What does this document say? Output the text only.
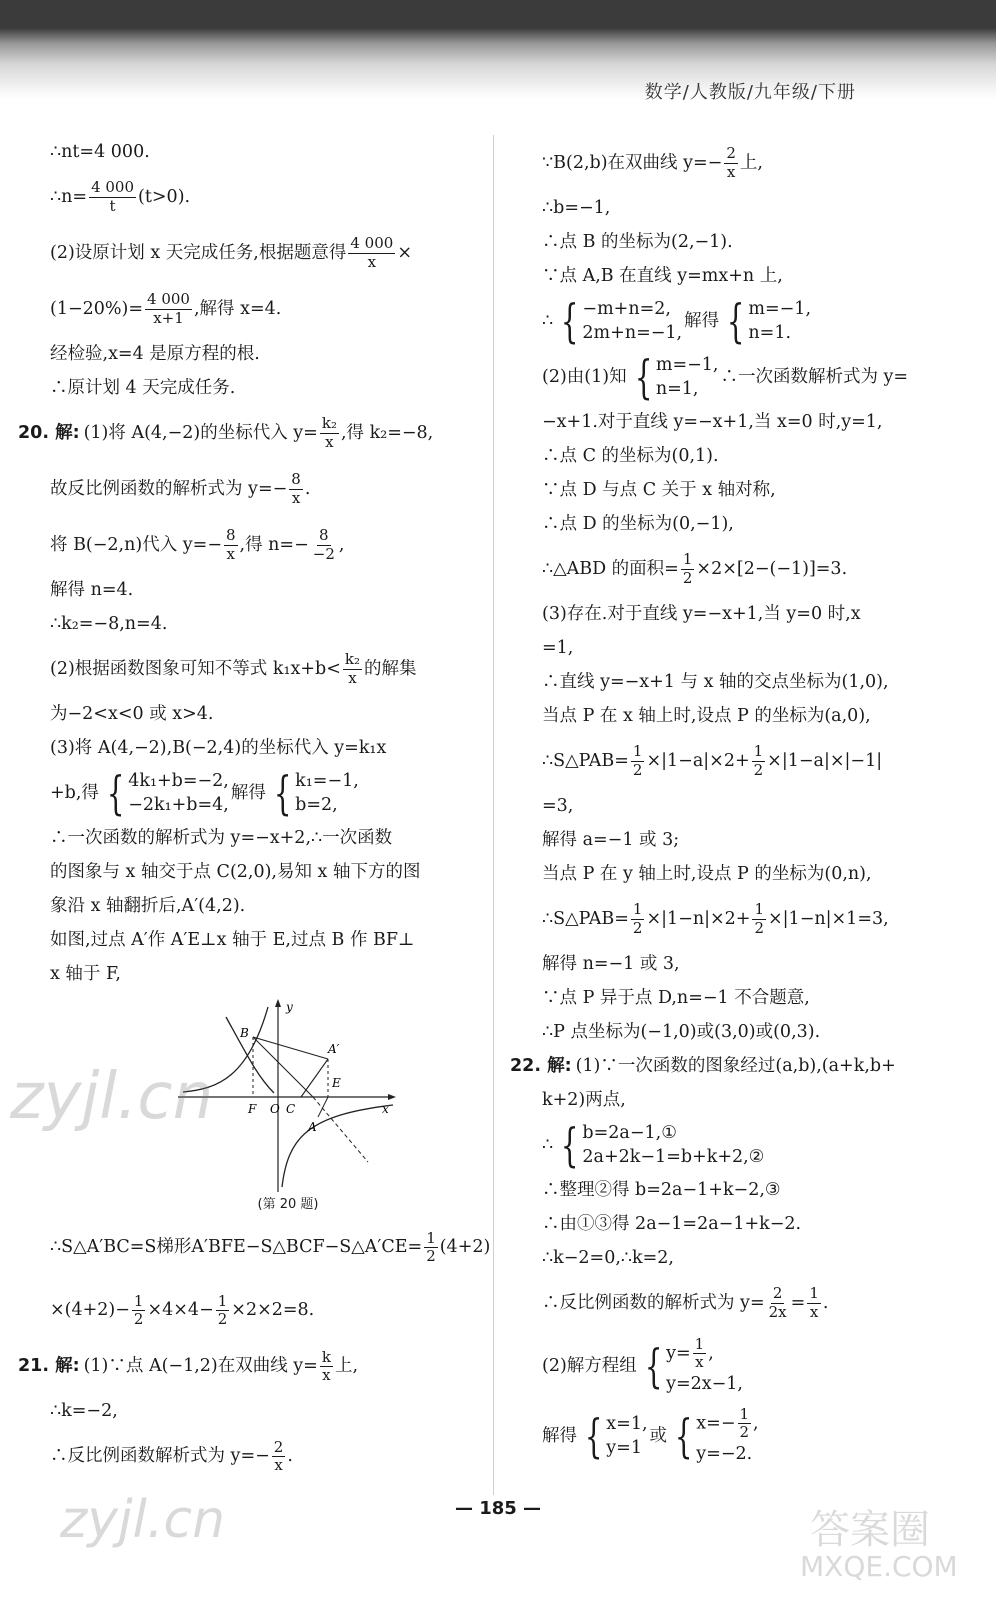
数学/人教版/九年级/下册
∴nt=4 000.
∴n= $\frac{4 000}{t} (t>0)$.
(2)设原计划 x 天完成任务,根据题意得 $\frac{4 000}{x}$ ×
$(1-20\%)= \frac{4 000}{x+1}$ ,解得 x=4.
经检验,x=4 是原方程的根.
∴原计划 4 天完成任务.
20. 解: (1)将 A(4,−2)的坐标代入 $y= \frac{\text{k₂}}{x}$ ,得 k₂=−8,
故反比例函数的解析式为 $y=- \frac{8}{x}$ .
将 B(−2,n)代入 $y=- \frac{8}{x}$ ,得 $n=- \frac{8}{-2}$ ,
解得 n=4.
∴k₂=−8,n=4.
(2)根据函数图象可知不等式 $k_1x+b< \frac{\text{k₂}}{x}$ 的解集
为−2<x<0 或 x>4.
(3)将 A(4,−2),B(−2,4)的坐标代入 y=k₁x
+b,得 { 4k₁+b=−2,
−2k₁+b=4,
解得 { k₁=−1,
b=2,
∴一次函数的解析式为 y=−x+2,∴一次函数
的图象与 x 轴交于点 C(2,0),易知 x 轴下方的图
象沿 x 轴翻折后,A′(4,2).
如图,过点 A′作 A′E⊥x 轴于 E,过点 B 作 BF⊥
x 轴于 F,
y
x
B
A′
E
F O C
A
(第 20 题)
∴S△A′BC=S梯形A′BFE−S△BCF−S△A′CE= $\frac{1}{2} (4+2)$
$\times(4+2)- \frac{1}{2} \times 4\times 4- \frac{1}{2} \times 2\times 2=8$.
21. 解: (1)∵点 A(−1,2)在双曲线 $y= \frac{k}{x}$ 上,
∴k=−2,
∴反比例函数解析式为 $y=- \frac{2}{x}$ .
∵B(2,b)在双曲线 $y=- \frac{2}{x}$ 上,
∴b=−1,
∴点 B 的坐标为(2,−1).
∵点 A,B 在直线 y=mx+n 上,
∴ { −m+n=2,
2m+n=−1,
解得 { m=−1,
n=1.
(2)由(1)知 { m=−1,
n=1,
∴一次函数解析式为 y=
−x+1.对于直线 y=−x+1,当 x=0 时,y=1,
∴点 C 的坐标为(0,1).
∵点 D 与点 C 关于 x 轴对称,
∴点 D 的坐标为(0,−1),
∴△ABD 的面积= $\frac{1}{2} \times 2\times[2-(-1)]=3$.
(3)存在.对于直线 y=−x+1,当 y=0 时,x
=1,
∴直线 y=−x+1 与 x 轴的交点坐标为(1,0),
当点 P 在 x 轴上时,设点 P 的坐标为(a,0),
∴S△PAB= $\frac{1}{2} \times|1-a|\times 2+ \frac{1}{2} \times|1-a|\times|-1|$
=3,
解得 a=−1 或 3;
当点 P 在 y 轴上时,设点 P 的坐标为(0,n),
∴S△PAB= $\frac{1}{2} \times|1-n|\times 2+ \frac{1}{2} \times|1-n|\times 1=3$,
解得 n=−1 或 3,
∵点 P 异于点 D,n=−1 不合题意,
∴P 点坐标为(−1,0)或(3,0)或(0,3).
22. 解: (1)∵一次函数的图象经过(a,b),(a+k,b+
k+2)两点,
∴ { b=2a−1,①
2a+2k−1=b+k+2,②
∴整理②得 b=2a−1+k−2,③
∴由①③得 2a−1=2a−1+k−2.
∴k−2=0,∴k=2,
∴反比例函数的解析式为 $y= \frac{2}{2x} = \frac{1}{x}$ .
(2)解方程组 { $y= \frac{1}{x}$ ,
y=2x−1,
解得 { x=1,
y=1
或 { $x=- \frac{1}{2}$ ,
y=−2.
zyjl.cn
zyjl.cn	答案圈
MXQE.COM
— 185 —
